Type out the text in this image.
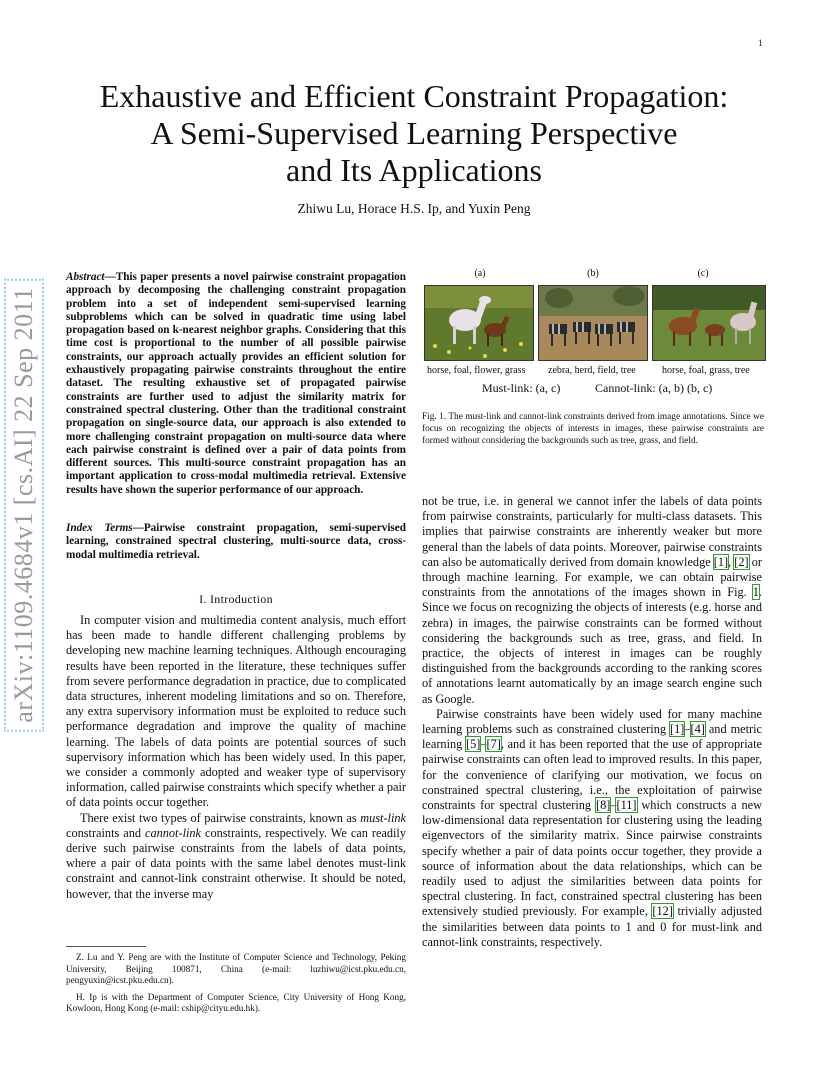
1
arXiv:1109.4684v1 [cs.AI] 22 Sep 2011
Exhaustive and Efficient Constraint Propagation:
A Semi-Supervised Learning Perspective
and Its Applications
Zhiwu Lu, Horace H.S. Ip, and Yuxin Peng
Abstract—This paper presents a novel pairwise constraint propagation approach by decomposing the challenging constraint propagation problem into a set of independent semi-supervised learning subproblems which can be solved in quadratic time using label propagation based on k-nearest neighbor graphs. Considering that this time cost is proportional to the number of all possible pairwise constraints, our approach actually provides an efficient solution for exhaustively propagating pairwise constraints throughout the entire dataset. The resulting exhaustive set of propagated pairwise constraints are further used to adjust the similarity matrix for constrained spectral clustering. Other than the traditional constraint propagation on single-source data, our approach is also extended to more challenging constraint propagation on multi-source data where each pairwise constraint is defined over a pair of data points from different sources. This multi-source constraint propagation has an important application to cross-modal multimedia retrieval. Extensive results have shown the superior performance of our approach.
Index Terms—Pairwise constraint propagation, semi-supervised learning, constrained spectral clustering, multi-source data, cross-modal multimedia retrieval.
I. Introduction

In computer vision and multimedia content analysis, much effort has been made to handle different challenging problems by developing new machine learning techniques. Although encouraging results have been reported in the literature, these techniques suffer from severe performance degradation in practice, due to complicated data structures, inherent modeling limitations and so on. Therefore, any extra supervisory information must be exploited to reduce such performance degradation and improve the quality of machine learning. The labels of data points are potential sources of such supervisory information which has been widely used. In this paper, we consider a commonly adopted and weaker type of supervisory information, called pairwise constraints which specify whether a pair of data points occur together.

There exist two types of pairwise constraints, known as must-link constraints and cannot-link constraints, respectively. We can readily derive such pairwise constraints from the labels of data points, where a pair of data points with the same label denotes must-link constraint and cannot-link constraint otherwise. It should be noted, however, that the inverse may

Z. Lu and Y. Peng are with the Institute of Computer Science and Technology, Peking University, Beijing 100871, China (e-mail: luzhiwu@icst.pku.edu.cn, pengyuxin@icst.pku.edu.cn).

H. Ip is with the Department of Computer Science, City University of Hong Kong, Kowloon, Hong Kong (e-mail: cship@cityu.edu.hk).

(a)	(b)	(c)
horse, foal, flower, grass zebra, herd, field, tree	horse, foal, grass, tree
Must-link: (a, c)	Cannot-link: (a, b) (b, c)
Fig. 1. The must-link and cannot-link constraints derived from image annotations. Since we focus on recognizing the objects of interests in images, these pairwise constraints are formed without considering the backgrounds such as tree, grass, and field.

not be true, i.e. in general we cannot infer the labels of data points from pairwise constraints, particularly for multi-class datasets. This implies that pairwise constraints are inherently weaker but more general than the labels of data points. Moreover, pairwise constraints can also be automatically derived from domain knowledge [1], [2] or through machine learning. For example, we can obtain pairwise constraints from the annotations of the images shown in Fig. 1. Since we focus on recognizing the objects of interests (e.g. horse and zebra) in images, the pairwise constraints can be formed without considering the backgrounds such as tree, grass, and field. In practice, the objects of interest in images can be roughly distinguished from the backgrounds according to the ranking scores of annotations learnt automatically by an image search engine such as Google.

Pairwise constraints have been widely used for many machine learning problems such as constrained clustering [1]–[4] and metric learning [5]–[7], and it has been reported that the use of appropriate pairwise constraints can often lead to improved results. In this paper, for the convenience of clarifying our motivation, we focus on constrained spectral clustering, i.e., the exploitation of pairwise constraints for spectral clustering [8]–[11] which constructs a new low-dimensional data representation for clustering using the leading eigenvectors of the similarity matrix. Since pairwise constraints specify whether a pair of data points occur together, they provide a source of information about the data relationships, which can be readily used to adjust the similarities between data points for spectral clustering. In fact, constrained spectral clustering has been extensively studied previously. For example, [12] trivially adjusted the similarities between data points to 1 and 0 for must-link and cannot-link constraints, respectively.
